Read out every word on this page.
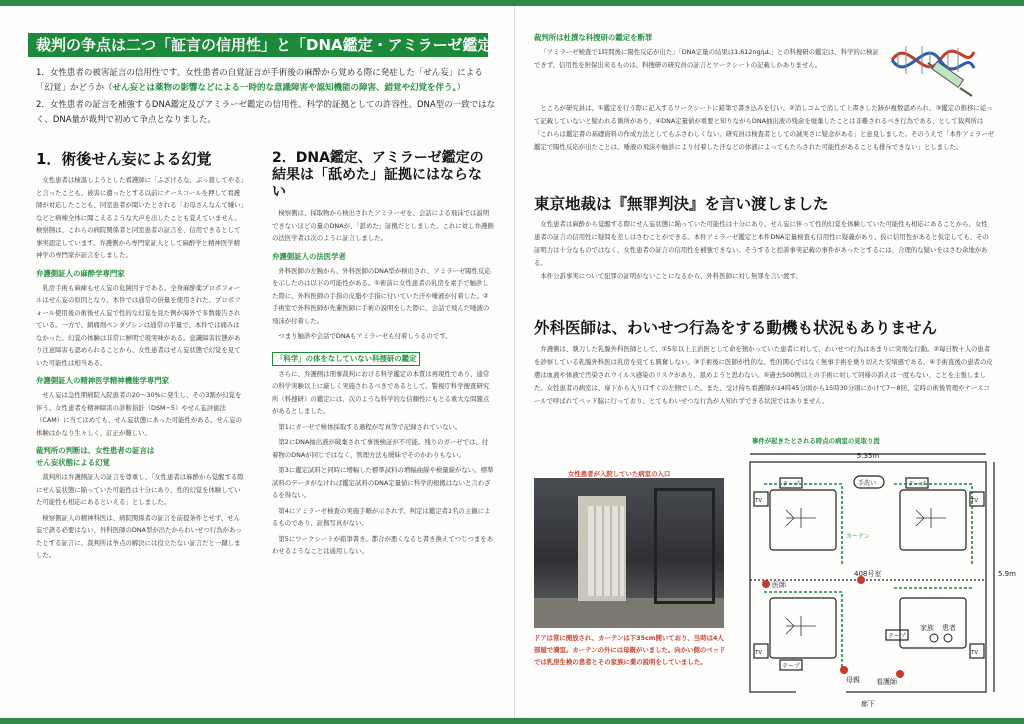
裁判の争点は二つ「証言の信用性」と「DNA鑑定・アミラーゼ鑑定」

1．女性患者の被害証言の信用性です。女性患者の自覚証言が手術後の麻酔から覚める際に発症した「せん妄」による「幻覚」かどうか（せん妄とは薬物の影響などによる一時的な意識障害や認知機能の障害、錯覚や幻覚を伴う。）

2．女性患者の証言を補強するDNA鑑定及びアミラーゼ鑑定の信用性、科学的証拠としての許容性。DNA型の一致ではなく、DNA量が裁判で初めて争点となりました。

1．術後せん妄による幻覚

女性患者は検温しようとした看護師に「ふざけるな、ぶっ殺してやる」と言ったことも、被害に遭ったとする以前にナースコールを押して看護師が対応したことも、同室患者が聞いたとされる「お母さんなんて嫌い」などと病棟全体に聞こえるような大声を出したことも覚えていません。検察側は、これらの病院関係者と同室患者の証言を、信用できるとして事実認定しています。弁護側から専門家証人として麻酔学と精神医学精神学の専門家が証言をしました。

弁護側証人の麻酔学専門家

乳房手術も麻痺もせん妄の危険因子である。全身麻酔薬プロポフォールはせん妄の原因となり、本件では通常の倍量を使用された。プロポフォール使用後の術後せん妄で性的な幻覚を見た例が海外で多数報告されている。一方で、鎮痛剤ペンタゾシンは通常の半量で、本件では痛みはなかった。幻覚の体験は非常に鮮明で現実味がある。意識障害状態があり注意障害も認められることから、女性患者はせん妄状態で幻覚を見ていた可能性は相当ある。

弁護側証人の精神医学精神機能学専門家

せん妄は急性期病院入院患者の20～30%に発生し、その3割が幻覚を伴う。女性患者を精神障害の診断指針（DSM−5）やせん妄評価法（CAM）に当てはめても、せん妄状態にあった可能性がある。せん妄の体験はかなり生々しく、訂正が難しい。

裁判所の判断は、女性患者の証言は
せん妄状態による幻覚

裁判所は弁護側証人の証言を尊重し、「女性患者は麻酔から覚醒する際にせん妄状態に陥っていた可能性は十分にあり、性的幻覚を体験していた可能性も相応にあるといえる」としました。

検察側証人の精神科医は、病院関係者の証言を前提条件とせず、せん妄で語る必要はない、外科医師のDNA型が出たからわいせつ行為があったとする証言に、裁判所は争点の解決には役立たない証言だと一蹴しました。

2．DNA鑑定、アミラーゼ鑑定の結果は「舐めた」証拠にはならない

検察側は、採取物から検出されたアミラーゼを、会話による飛沫では説明できないほどの量のDNAが、「舐めた」証拠だとしました。これに対し弁護側の法医学者は次のように証言しました。

弁護側証人の法医学者

外科医師の左腕から、外科医師のDNA型が検出され、アミラーゼ陽性反応を示したのは以下の可能性がある。①術前に女性患者の乳房を素手で触診した際に、外科医師の手指の皮脂や手指に付いていた汗や唾液が付着した。②手術室で外科医師が先輩医師に手術の説明をした際に、会話で飛んだ唾液の飛沫が付着した。

つまり触診や会話でDNAもアミラーゼも付着しうるのです。

「科学」の体をなしていない科捜研の鑑定

さらに、弁護側は刑事裁判における科学鑑定の本質は再現性であり、通常の科学実験以上に厳しく実施されるべきであるとして、警視庁科学捜査研究所（科捜研）の鑑定には、次のような科学的な信頼性にもとる重大な問題点があるとしました。

第1にガーゼで検体採取する過程が写真等で記録されていない。

第2にDNA抽出液が破棄されて事後検証が不可能。残りのガーゼでは、付着物のDNAが同じではなく、管理方法も曖昧でそのかわりもない。

第3に鑑定試料と同時に増幅した標準試料の増幅曲線や検量線がない。標準試料のデータがなければ鑑定試料のDNA定量値に科学的根拠はないと言わざるを得ない。

第4にアミラーゼ検査の実施手順が示されず、判定は鑑定者1名の主観によるものであり、証拠写真がない。

第5にワークシートが鉛筆書き。都合が悪くなると書き換えてつじつまをあわせるようなことは通用しない。

裁判所は杜撰な科捜研の鑑定を断罪

「アミラーゼ検査で1時間後に陽性反応が出た」「DNA定量の結果は1,612ng/μL」との科捜研の鑑定は、科学的に検証できず、信用性を担保出来るものは、科捜研の研究員の証言とワークシートの記載しかありません。

ところが研究員は、①鑑定を行う際に記入するワークシートに鉛筆で書き込みを行い、②消しゴムで消して上書きした跡が複数認められ、③鑑定の推移に従って記載していないと疑われる箇所があり、④DNA定量値が重要と知りながらDNA抽出液の残余を廃棄したことは非難されるべき行為である、として裁判所は「これらは鑑定書の基礎資料の作成方法としてもふさわしくない。研究員は検査者としての誠実さに疑念がある」と意見しました。そのうえで「本件アミラーゼ鑑定で陽性反応が出たことは、唾液の飛沫や触診により付着した汗などの体液によってもたらされた可能性があることも排斥できない」としました。

東京地裁は『無罪判決』を言い渡しました

女性患者は麻酔から覚醒する際にせん妄状態に陥っていた可能性は十分にあり、せん妄に伴って性的幻覚を体験していた可能性も相応にあることから、女性患者の証言の信用性に疑問を差しはさむことができる。本件アミラーゼ鑑定と本件DNA定量検査も信用性に疑義があり、仮に信用性があると仮定しても、その証明力は十分なものではなく、女性患者の証言の信用性を補強できない。そうすると控訴事実記載の事件があったとするには、合理的な疑いをはさむ余地がある。

本件公訴事実について犯罪の証明がないことになるから、外科医師に対し無罪を言い渡す。

外科医師は、わいせつ行為をする動機も状況もありません

弁護側は、執刀した乳腺外科医師として、①5年以上主治医として命を預かっていた患者に対して、わいせつ行為はあまりに突飛な行動。②毎日数十人の患者を診察している乳腺外科医は乳房を見ても興奮しない。③手術後に医師が性的な、性的関心ではなく無事手術を乗り切えた安堵感である。④手術直後の患者の皮膚は血液や体液で汚染されウイルス感染のリスクがあり、舐めようと思わない。⑤過去500例以上の手術に対して同様の訴えは一度もない、ことを主張しました。女性患者の病室は、扉下から入り口すぐの左側でした。また、受け持ち看護師が14時45分頃から15時30分頃にかけて7〜8回、定時の術後管理やナースコールで呼ばれてベッド脇に行っており、とてもわいせつな行為が人知れずできる状況ではありません。

女性患者が入院していた病室の入口
ドアは常に開放され、カーテンは下35cm開いており、当時は4人部屋で満室。カーテンの外には母親がいました。向かい側のベッドでは乳房生検の患者とその家族に薬の説明をしていました。
事件が起きたとされる時点の病室の見取り図
5.35m
5.9m
408号室
手洗い
テープ	テープ
テープ
テープ
TV	TV
TV	TV
医師
母親 看護師
家族 患者
廊下
カーテン
